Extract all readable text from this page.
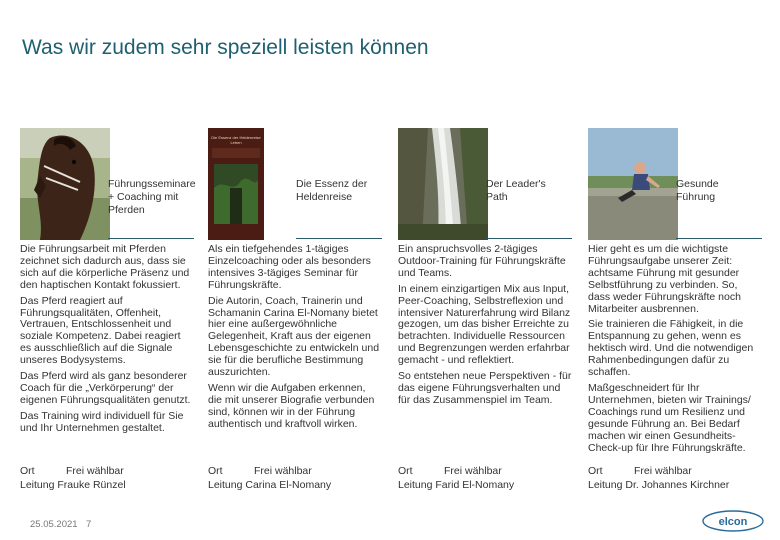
Was wir zudem sehr speziell leisten können
Führungsseminare + Coaching mit Pferden

Die Führungsarbeit mit Pferden zeichnet sich dadurch aus, dass sie sich auf die körperliche Präsenz und den haptischen Kontakt fokussiert.

Das Pferd reagiert auf Führungsqualitäten, Offenheit, Vertrauen, Entschlossenheit und soziale Kompetenz. Dabei reagiert es ausschließlich auf die Signale unseres Bodysystems.

Das Pferd wird als ganz besonderer Coach für die „Verkörperung“ der eigenen Führungsqualitäten genutzt.

Das Training wird individuell für Sie und Ihr Unternehmen gestaltet.

Ort	Frei wählbar
Leitung Frauke Rünzel
Die Essenz der Heldenreise Leben
Die Essenz der Heldenreise

Als ein tiefgehendes 1-tägiges Einzelcoaching oder als besonders intensives 3-tägiges Seminar für Führungskräfte.

Die Autorin, Coach, Trainerin und Schamanin Carina El-Nomany bietet hier eine außergewöhnliche Gelegenheit, Kraft aus der eigenen Lebensgeschichte zu entwickeln und sie für die berufliche Bestimmung auszurichten.

Wenn wir die Aufgaben erkennen, die mit unserer Biografie verbunden sind, können wir in der Führung authentisch und kraftvoll wirken.

Ort	Frei wählbar
Leitung Carina El-Nomany
Der Leader's Path

Ein anspruchsvolles 2-tägiges Outdoor-Training für Führungskräfte und Teams.

In einem einzigartigen Mix aus Input, Peer-Coaching, Selbstreflexion und intensiver Naturerfahrung wird Bilanz gezogen, um das bisher Erreichte zu betrachten. Individuelle Ressourcen und Begrenzungen werden erfahrbar gemacht - und reflektiert.

So entstehen neue Perspektiven - für das eigene Führungsverhalten und für das Zusammenspiel im Team.

Ort	Frei wählbar
Leitung Farid El-Nomany
Gesunde Führung

Hier geht es um die wichtigste Führungsaufgabe unserer Zeit: achtsame Führung mit gesunder Selbstführung zu verbinden. So, dass weder Führungskräfte noch Mitarbeiter ausbrennen.

Sie trainieren die Fähigkeit, in die Entspannung zu gehen, wenn es hektisch wird. Und die notwendigen Rahmenbedingungen dafür zu schaffen.

Maßgeschneidert für Ihr Unternehmen, bieten wir Trainings/ Coachings rund um Resilienz und gesunde Führung an. Bei Bedarf machen wir einen Gesundheits-Check-up für Ihre Führungskräfte.

Ort	Frei wählbar
Leitung Dr. Johannes Kirchner
25.05.2021 7	elcon
